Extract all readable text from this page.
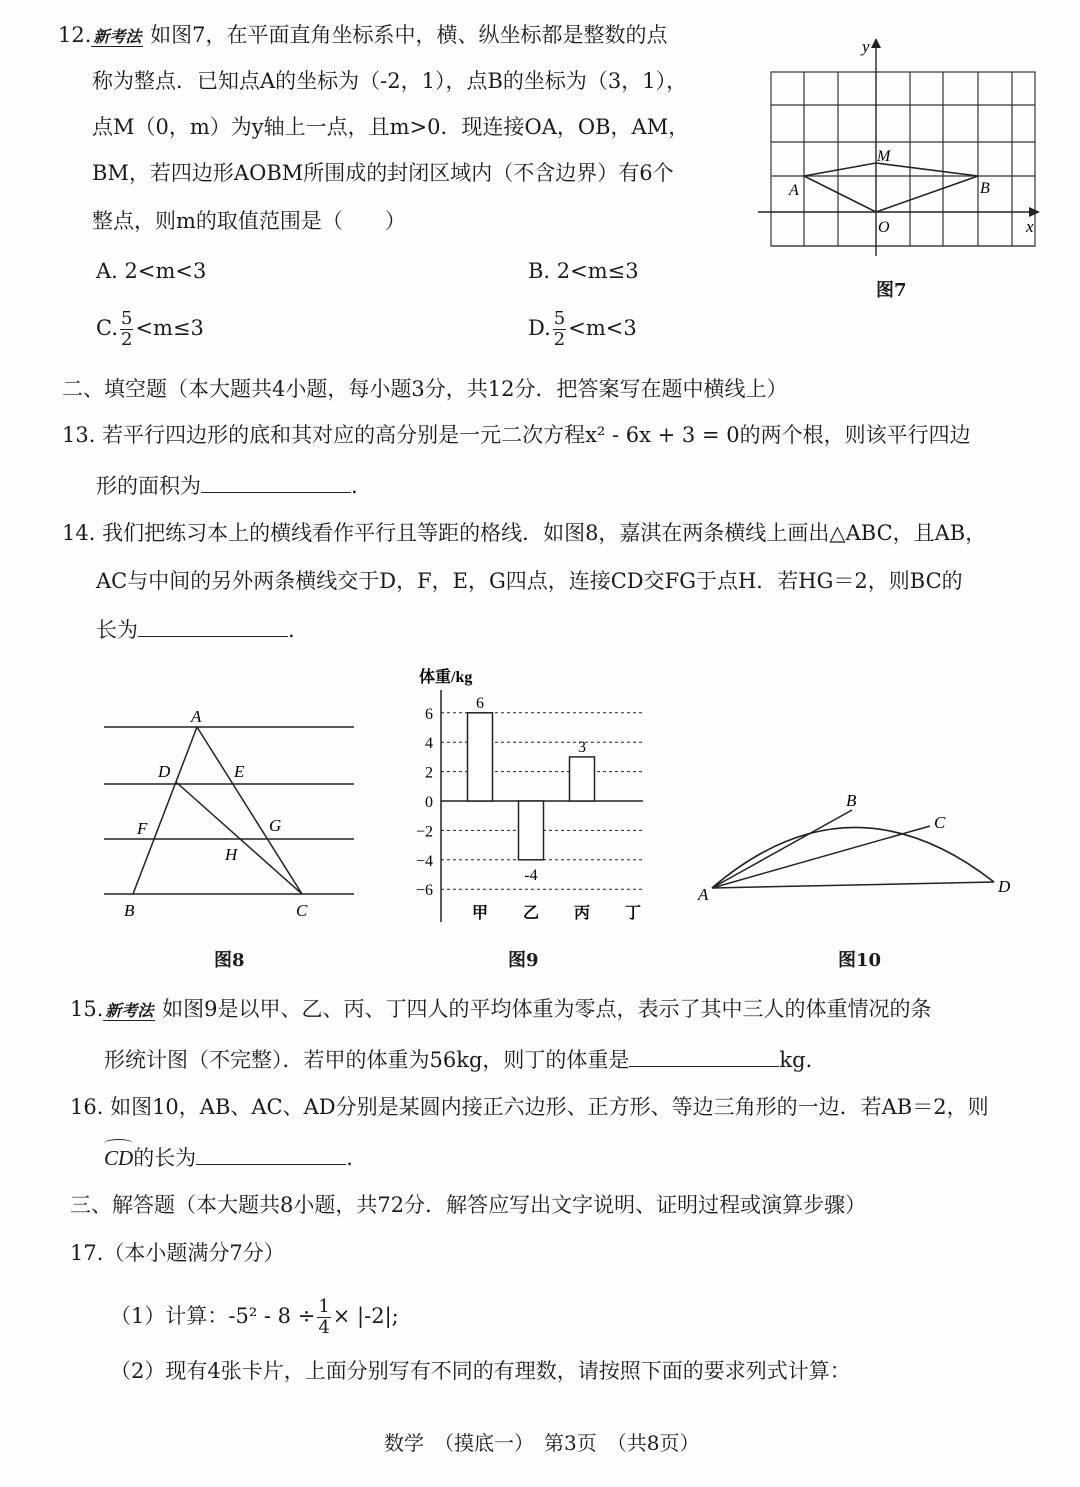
12. 新考法 如图7，在平面直角坐标系中，横、纵坐标都是整数的点
称为整点．已知点A的坐标为（-2，1），点B的坐标为（3，1），
点M（0，m）为y轴上一点，且m>0．现连接OA，OB，AM，
BM，若四边形AOBM所围成的封闭区域内（不含边界）有6个
整点，则m的取值范围是（　　）
A. 2<m<3	B. 2<m≤3
C. $\frac{5}{2} <m\le 3$	D. $\frac{5}{2} <m<3$
y
x
A	B
M
O
图7
二、填空题（本大题共4小题，每小题3分，共12分．把答案写在题中横线上）
13. 若平行四边形的底和其对应的高分别是一元二次方程x² - 6x + 3 = 0的两个根，则该平行四边
形的面积为	.
14. 我们把练习本上的横线看作平行且等距的格线．如图8，嘉淇在两条横线上画出△ABC，且AB，
AC与中间的另外两条横线交于D，F，E，G四点，连接CD交FG于点H．若HG＝2，则BC的
长为	.
A
D	E
F	G
H
B	C
图8
体重/kg
6
4
2
0
−2
−4
−6
6
甲
-4
乙
3
丙 丁
图9
A
B
C
D
图10
15. 新考法 如图9是以甲、乙、丙、丁四人的平均体重为零点，表示了其中三人的体重情况的条
形统计图（不完整）．若甲的体重为56kg，则丁的体重是	kg.
16. 如图10，AB、AC、AD分别是某圆内接正六边形、正方形、等边三角形的一边．若AB＝2，则
CD的长为	.
三、解答题（本大题共8小题，共72分．解答应写出文字说明、证明过程或演算步骤）
17.（本小题满分7分）
（1）计算：$-5^2 - 8 \div \frac{1}{4} \times |-2|$;
（2）现有4张卡片，上面分别写有不同的有理数，请按照下面的要求列式计算：
数学　（摸底一）　第3页　（共8页）
